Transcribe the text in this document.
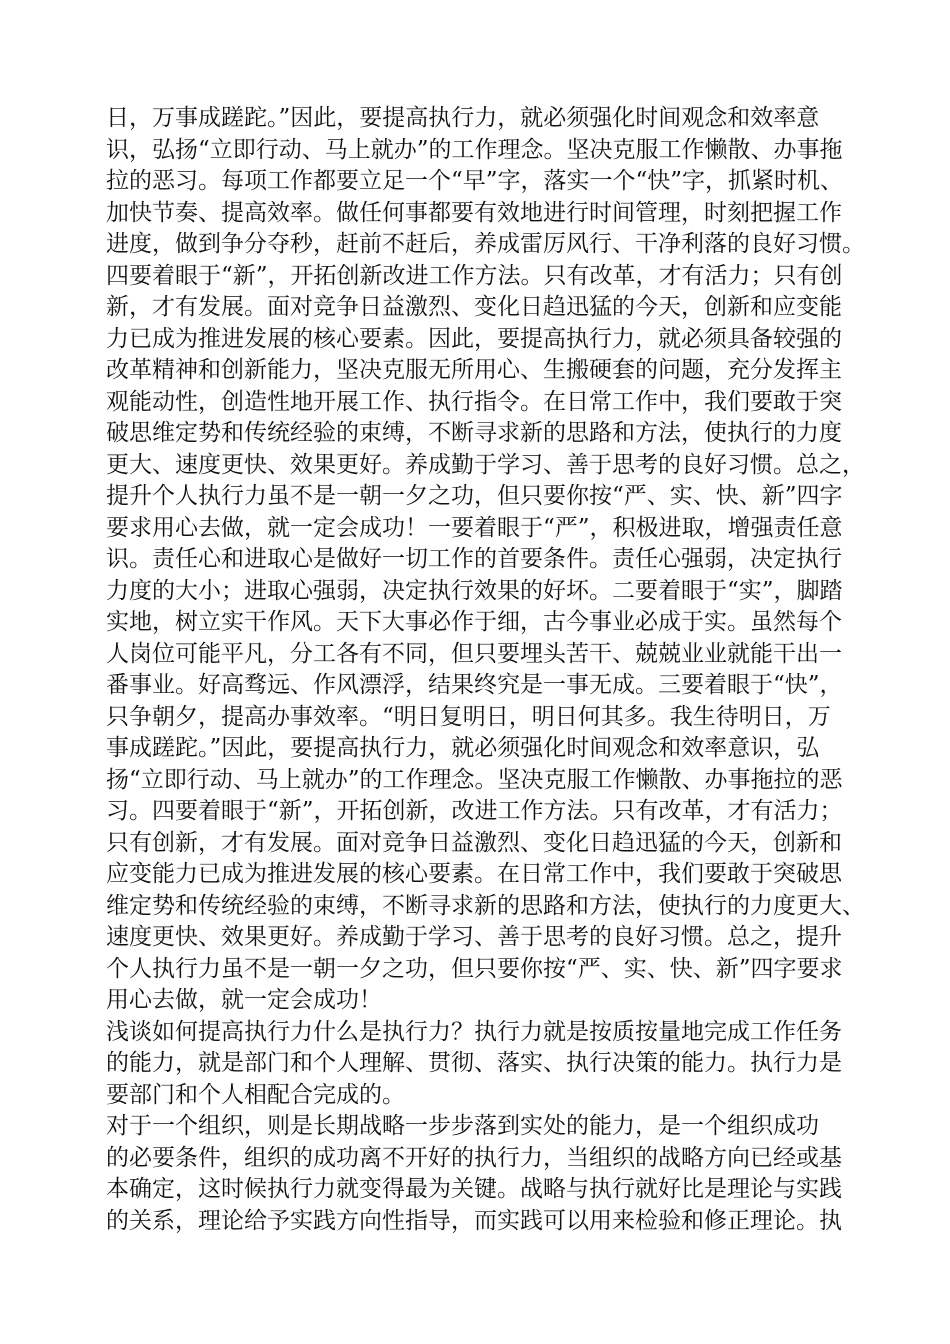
日，万事成蹉跎。”因此，要提高执行力，就必须强化时间观念和效率意
识，弘扬“立即行动、马上就办”的工作理念。坚决克服工作懒散、办事拖
拉的恶习。每项工作都要立足一个“早”字，落实一个“快”字，抓紧时机、
加快节奏、提高效率。做任何事都要有效地进行时间管理，时刻把握工作
进度，做到争分夺秒，赶前不赶后，养成雷厉风行、干净利落的良好习惯。
四要着眼于“新”，开拓创新改进工作方法。只有改革，才有活力；只有创
新，才有发展。面对竞争日益激烈、变化日趋迅猛的今天，创新和应变能
力已成为推进发展的核心要素。因此，要提高执行力，就必须具备较强的
改革精神和创新能力，坚决克服无所用心、生搬硬套的问题，充分发挥主
观能动性，创造性地开展工作、执行指令。在日常工作中，我们要敢于突
破思维定势和传统经验的束缚，不断寻求新的思路和方法，使执行的力度
更大、速度更快、效果更好。养成勤于学习、善于思考的良好习惯。总之，
提升个人执行力虽不是一朝一夕之功，但只要你按“严、实、快、新”四字
要求用心去做，就一定会成功！一要着眼于“严”，积极进取，增强责任意
识。责任心和进取心是做好一切工作的首要条件。责任心强弱，决定执行
力度的大小；进取心强弱，决定执行效果的好坏。二要着眼于“实”，脚踏
实地，树立实干作风。天下大事必作于细，古今事业必成于实。虽然每个
人岗位可能平凡，分工各有不同，但只要埋头苦干、兢兢业业就能干出一
番事业。好高骛远、作风漂浮，结果终究是一事无成。三要着眼于“快”，
只争朝夕，提高办事效率。“明日复明日，明日何其多。我生待明日，万
事成蹉跎。”因此，要提高执行力，就必须强化时间观念和效率意识，弘
扬“立即行动、马上就办”的工作理念。坚决克服工作懒散、办事拖拉的恶
习。四要着眼于“新”，开拓创新，改进工作方法。只有改革，才有活力；
只有创新，才有发展。面对竞争日益激烈、变化日趋迅猛的今天，创新和
应变能力已成为推进发展的核心要素。在日常工作中，我们要敢于突破思
维定势和传统经验的束缚，不断寻求新的思路和方法，使执行的力度更大、
速度更快、效果更好。养成勤于学习、善于思考的良好习惯。总之，提升
个人执行力虽不是一朝一夕之功，但只要你按“严、实、快、新”四字要求
用心去做，就一定会成功！
浅谈如何提高执行力什么是执行力？执行力就是按质按量地完成工作任务
的能力，就是部门和个人理解、贯彻、落实、执行决策的能力。执行力是
要部门和个人相配合完成的。
对于一个组织，则是长期战略一步步落到实处的能力，是一个组织成功
的必要条件，组织的成功离不开好的执行力，当组织的战略方向已经或基
本确定，这时候执行力就变得最为关键。战略与执行就好比是理论与实践
的关系，理论给予实践方向性指导，而实践可以用来检验和修正理论。执
